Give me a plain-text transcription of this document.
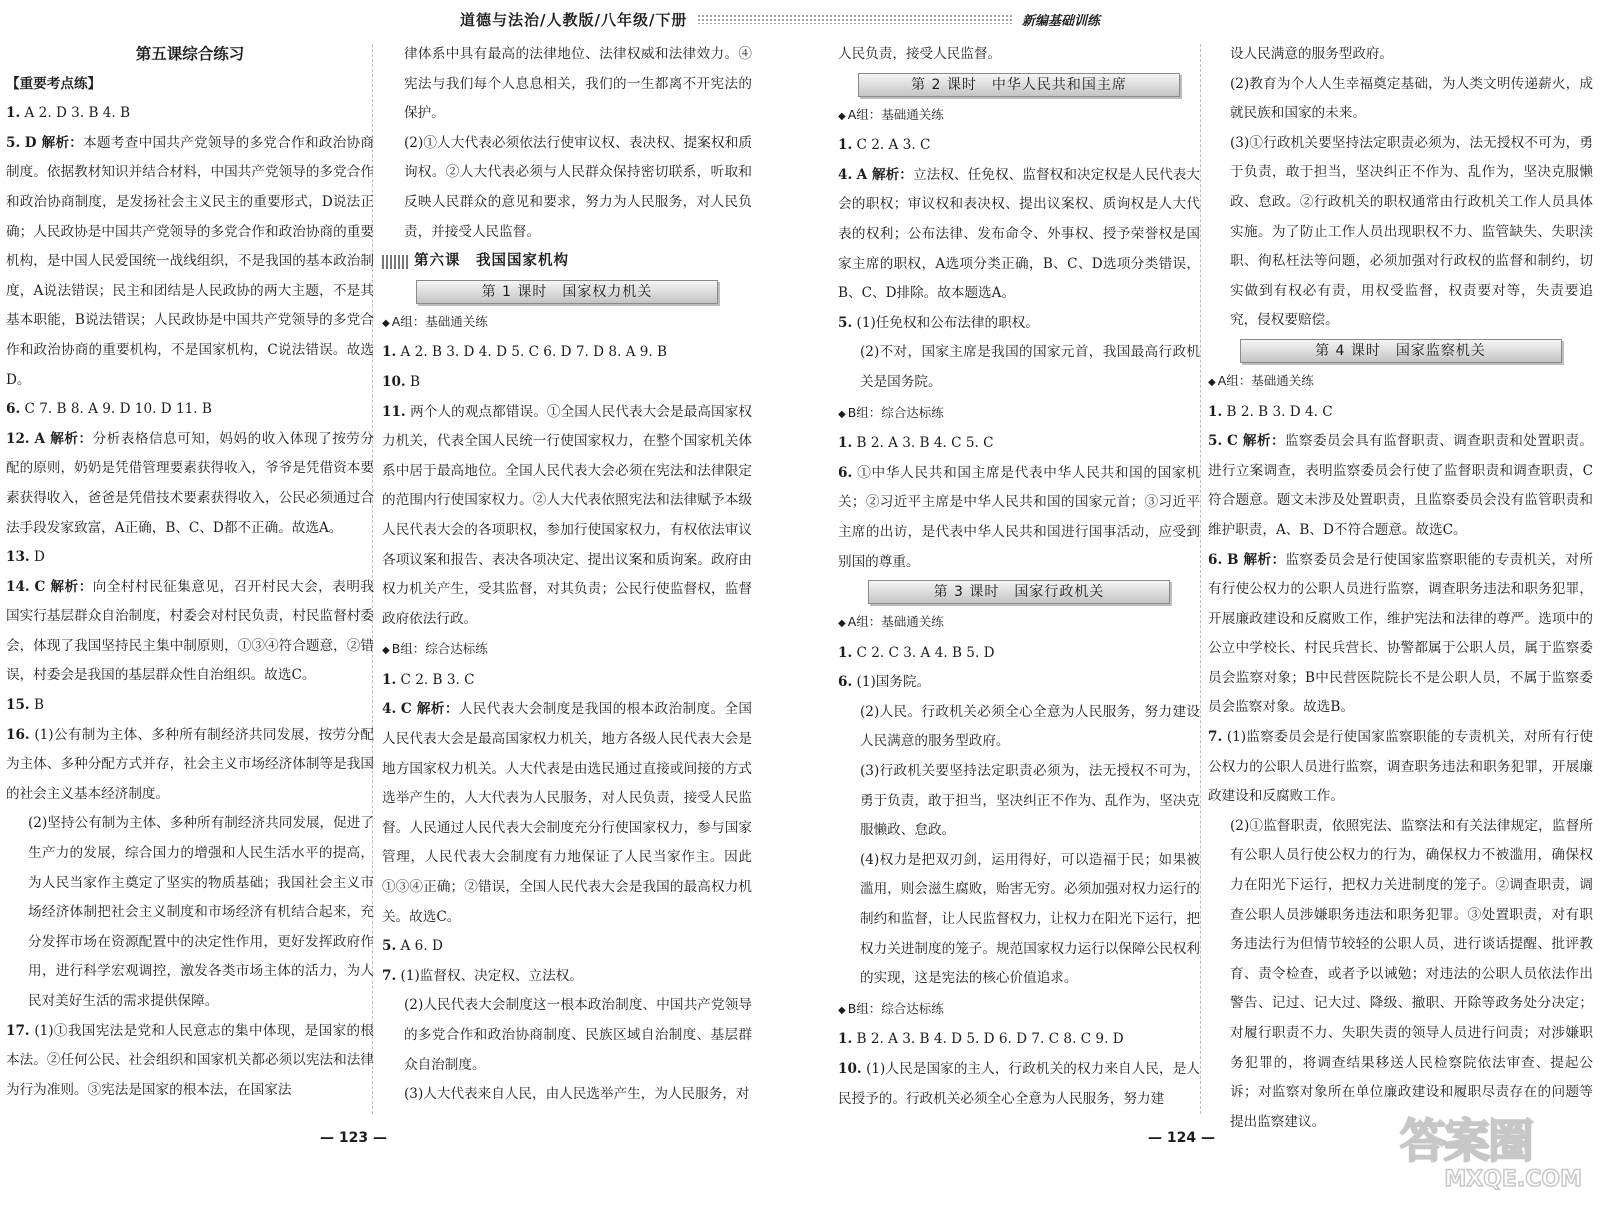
道德与法治/人教版/八年级/下册	新编基础训练

第五课综合练习

【重要考点练】

1. A 2. D 3. B 4. B

5. D 解析：本题考查中国共产党领导的多党合作和政治协商制度。依据教材知识并结合材料，中国共产党领导的多党合作和政治协商制度，是发扬社会主义民主的重要形式，D说法正确；人民政协是中国共产党领导的多党合作和政治协商的重要机构，是中国人民爱国统一战线组织，不是我国的基本政治制度，A说法错误；民主和团结是人民政协的两大主题，不是其基本职能，B说法错误；人民政协是中国共产党领导的多党合作和政治协商的重要机构，不是国家机构，C说法错误。故选D。

6. C 7. B 8. A 9. D 10. D 11. B

12. A 解析：分析表格信息可知，妈妈的收入体现了按劳分配的原则，奶奶是凭借管理要素获得收入，爷爷是凭借资本要素获得收入，爸爸是凭借技术要素获得收入，公民必须通过合法手段发家致富，A正确，B、C、D都不正确。故选A。

13. D

14. C 解析：向全村村民征集意见，召开村民大会，表明我国实行基层群众自治制度，村委会对村民负责，村民监督村委会，体现了我国坚持民主集中制原则，①③④符合题意，②错误，村委会是我国的基层群众性自治组织。故选C。

15. B

16. (1)公有制为主体、多种所有制经济共同发展，按劳分配为主体、多种分配方式并存，社会主义市场经济体制等是我国的社会主义基本经济制度。

(2)坚持公有制为主体、多种所有制经济共同发展，促进了生产力的发展，综合国力的增强和人民生活水平的提高，为人民当家作主奠定了坚实的物质基础；我国社会主义市场经济体制把社会主义制度和市场经济有机结合起来，充分发挥市场在资源配置中的决定性作用，更好发挥政府作用，进行科学宏观调控，激发各类市场主体的活力，为人民对美好生活的需求提供保障。

17. (1)①我国宪法是党和人民意志的集中体现，是国家的根本法。②任何公民、社会组织和国家机关都必须以宪法和法律为行为准则。③宪法是国家的根本法，在国家法

律体系中具有最高的法律地位、法律权威和法律效力。④宪法与我们每个人息息相关，我们的一生都离不开宪法的保护。

(2)①人大代表必须依法行使审议权、表决权、提案权和质询权。②人大代表必须与人民群众保持密切联系，听取和反映人民群众的意见和要求，努力为人民服务，对人民负责，并接受人民监督。

第六课　我国国家机构

第 1 课时　国家权力机关

◆ A组：基础通关练

1. A 2. B 3. D 4. D 5. C 6. D 7. D 8. A 9. B

10. B

11. 两个人的观点都错误。①全国人民代表大会是最高国家权力机关，代表全国人民统一行使国家权力，在整个国家机关体系中居于最高地位。全国人民代表大会必须在宪法和法律限定的范围内行使国家权力。②人大代表依照宪法和法律赋予本级人民代表大会的各项职权，参加行使国家权力，有权依法审议各项议案和报告、表决各项决定、提出议案和质询案。政府由权力机关产生，受其监督，对其负责；公民行使监督权，监督政府依法行政。

◆ B组：综合达标练

1. C 2. B 3. C

4. C 解析：人民代表大会制度是我国的根本政治制度。全国人民代表大会是最高国家权力机关，地方各级人民代表大会是地方国家权力机关。人大代表是由选民通过直接或间接的方式选举产生的，人大代表为人民服务，对人民负责，接受人民监督。人民通过人民代表大会制度充分行使国家权力，参与国家管理，人民代表大会制度有力地保证了人民当家作主。因此①③④正确；②错误，全国人民代表大会是我国的最高权力机关。故选C。

5. A 6. D

7. (1)监督权、决定权、立法权。

(2)人民代表大会制度这一根本政治制度、中国共产党领导的多党合作和政治协商制度、民族区域自治制度、基层群众自治制度。

(3)人大代表来自人民，由人民选举产生，为人民服务，对

人民负责，接受人民监督。

第 2 课时　中华人民共和国主席

◆ A组：基础通关练

1. C 2. A 3. C

4. A 解析：立法权、任免权、监督权和决定权是人民代表大会的职权；审议权和表决权、提出议案权、质询权是人大代表的权利；公布法律、发布命令、外事权、授予荣誉权是国家主席的职权，A选项分类正确，B、C、D选项分类错误，B、C、D排除。故本题选A。

5. (1)任免权和公布法律的职权。

(2)不对，国家主席是我国的国家元首，我国最高行政机关是国务院。

◆ B组：综合达标练

1. B 2. A 3. B 4. C 5. C

6. ①中华人民共和国主席是代表中华人民共和国的国家机关；②习近平主席是中华人民共和国的国家元首；③习近平主席的出访，是代表中华人民共和国进行国事活动，应受到别国的尊重。

第 3 课时　国家行政机关

◆ A组：基础通关练

1. C 2. C 3. A 4. B 5. D

6. (1)国务院。

(2)人民。行政机关必须全心全意为人民服务，努力建设人民满意的服务型政府。

(3)行政机关要坚持法定职责必须为，法无授权不可为，勇于负责，敢于担当，坚决纠正不作为、乱作为，坚决克服懒政、怠政。

(4)权力是把双刃剑，运用得好，可以造福于民；如果被滥用，则会滋生腐败，贻害无穷。必须加强对权力运行的制约和监督，让人民监督权力，让权力在阳光下运行，把权力关进制度的笼子。规范国家权力运行以保障公民权利的实现，这是宪法的核心价值追求。

◆ B组：综合达标练

1. B 2. A 3. B 4. D 5. D 6. D 7. C 8. C 9. D

10. (1)人民是国家的主人，行政机关的权力来自人民，是人民授予的。行政机关必须全心全意为人民服务，努力建

设人民满意的服务型政府。

(2)教育为个人人生幸福奠定基础，为人类文明传递薪火，成就民族和国家的未来。

(3)①行政机关要坚持法定职责必须为，法无授权不可为，勇于负责，敢于担当，坚决纠正不作为、乱作为，坚决克服懒政、怠政。②行政机关的职权通常由行政机关工作人员具体实施。为了防止工作人员出现职权不力、监管缺失、失职渎职、徇私枉法等问题，必须加强对行政权的监督和制约，切实做到有权必有责，用权受监督，权责要对等，失责要追究，侵权要赔偿。

第 4 课时　国家监察机关

◆ A组：基础通关练

1. B 2. B 3. D 4. C

5. C 解析：监察委员会具有监督职责、调查职责和处置职责。进行立案调查，表明监察委员会行使了监督职责和调查职责，C符合题意。题文未涉及处置职责，且监察委员会没有监管职责和维护职责，A、B、D不符合题意。故选C。

6. B 解析：监察委员会是行使国家监察职能的专责机关，对所有行使公权力的公职人员进行监察，调查职务违法和职务犯罪，开展廉政建设和反腐败工作，维护宪法和法律的尊严。选项中的公立中学校长、村民兵营长、协警都属于公职人员，属于监察委员会监察对象；B中民营医院院长不是公职人员，不属于监察委员会监察对象。故选B。

7. (1)监察委员会是行使国家监察职能的专责机关，对所有行使公权力的公职人员进行监察，调查职务违法和职务犯罪，开展廉政建设和反腐败工作。

(2)①监督职责，依照宪法、监察法和有关法律规定，监督所有公职人员行使公权力的行为，确保权力不被滥用，确保权力在阳光下运行，把权力关进制度的笼子。②调查职责，调查公职人员涉嫌职务违法和职务犯罪。③处置职责，对有职务违法行为但情节较轻的公职人员，进行谈话提醒、批评教育、责令检查，或者予以诫勉；对违法的公职人员依法作出警告、记过、记大过、降级、撤职、开除等政务处分决定；对履行职责不力、失职失责的领导人员进行问责；对涉嫌职务犯罪的，将调查结果移送人民检察院依法审查、提起公诉；对监察对象所在单位廉政建设和履职尽责存在的问题等提出监察建议。

— 123 —	— 124 —	答案圈
MXQE.COM
